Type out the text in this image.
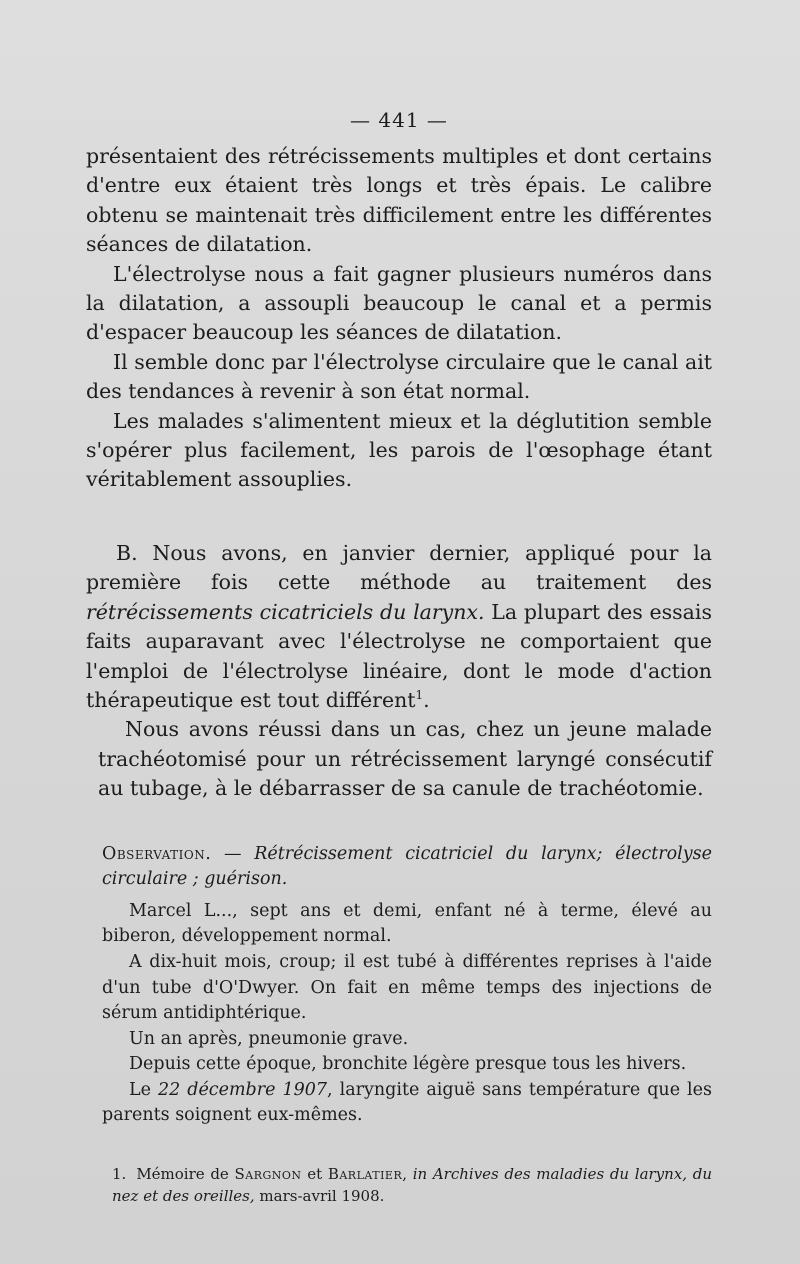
— 441 —

présentaient des rétrécissements multiples et dont certains d'entre eux étaient très longs et très épais. Le calibre obtenu se maintenait très difficilement entre les différentes séances de dilatation.

L'électrolyse nous a fait gagner plusieurs numéros dans la dilatation, a assoupli beaucoup le canal et a permis d'espacer beaucoup les séances de dilatation.

Il semble donc par l'électrolyse circulaire que le canal ait des tendances à revenir à son état normal.

Les malades s'alimentent mieux et la déglutition semble s'opérer plus facilement, les parois de l'œsophage étant véritablement assouplies.

B. Nous avons, en janvier dernier, appliqué pour la première fois cette méthode au traitement des rétrécissements cicatriciels du larynx. La plupart des essais faits auparavant avec l'électrolyse ne comportaient que l'emploi de l'électrolyse linéaire, dont le mode d'action thérapeutique est tout différent$^1$.

Nous avons réussi dans un cas, chez un jeune malade trachéotomisé pour un rétrécissement laryngé consécutif au tubage, à le débarrasser de sa canule de trachéotomie.

Observation. — Rétrécissement cicatriciel du larynx; électrolyse circulaire ; guérison.

Marcel L..., sept ans et demi, enfant né à terme, élevé au biberon, développement normal.

A dix-huit mois, croup; il est tubé à différentes reprises à l'aide d'un tube d'O'Dwyer. On fait en même temps des injections de sérum antidiphtérique.

Un an après, pneumonie grave.

Depuis cette époque, bronchite légère presque tous les hivers.

Le 22 décembre 1907, laryngite aiguë sans température que les parents soignent eux-mêmes.

1. Mémoire de Sargnon et Barlatier, in Archives des maladies du larynx, du nez et des oreilles, mars-avril 1908.
